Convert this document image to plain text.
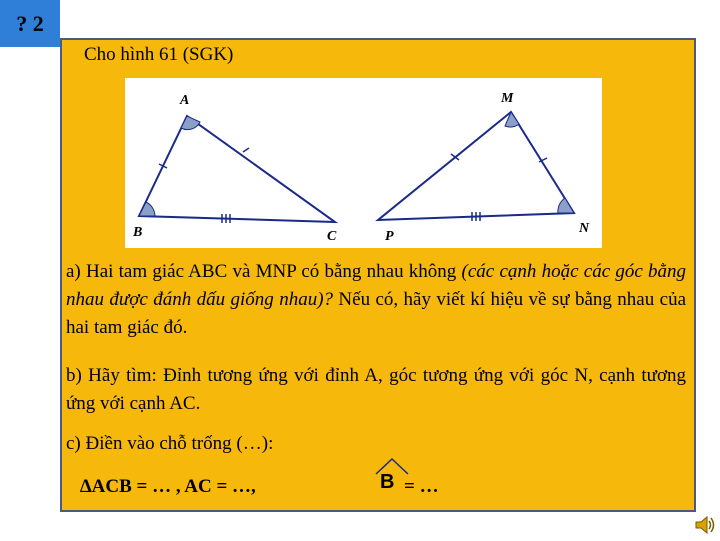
? 2
Cho hình 61 (SGK)
A
B	C
M
N
P

a) Hai tam giác ABC và MNP có bằng nhau không (các cạnh hoặc các góc bằng nhau được đánh dấu giống nhau)? Nếu có, hãy viết kí hiệu về sự bằng nhau của hai tam giác đó.

b) Hãy tìm: Đỉnh tương ứng với đỉnh A, góc tương ứng với góc N, cạnh tương ứng với cạnh AC.

c) Điền vào chỗ trống (…):

∆ACB = … , AC = …,	B = …
